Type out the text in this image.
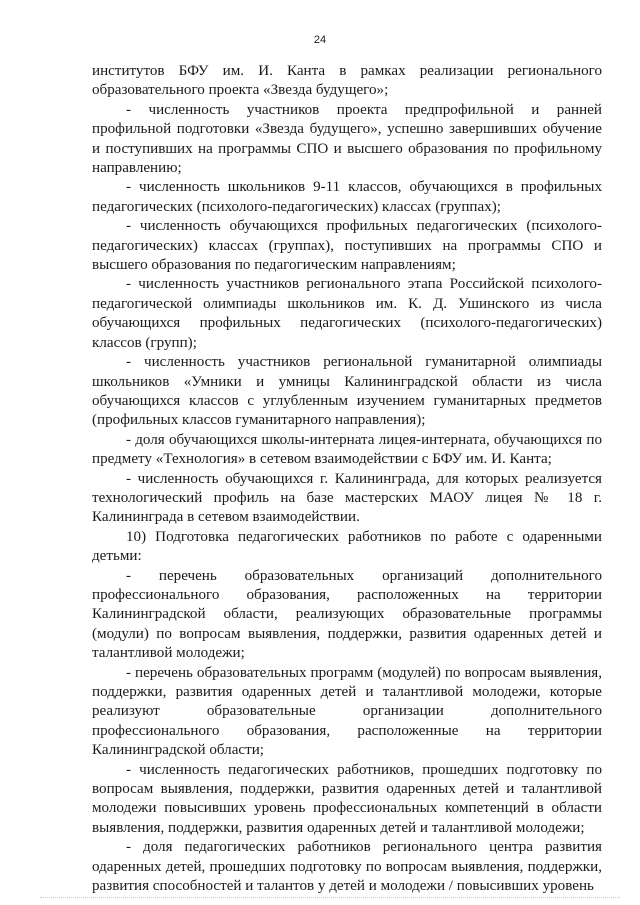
24

институтов БФУ им. И. Канта в рамках реализации регионального образовательного проекта «Звезда будущего»;

- численность участников проекта предпрофильной и ранней профильной подготовки «Звезда будущего», успешно завершивших обучение и поступивших на программы СПО и высшего образования по профильному направлению;

- численность школьников 9-11 классов, обучающихся в профильных педагогических (психолого-педагогических) классах (группах);

- численность обучающихся профильных педагогических (психолого-педагогических) классах (группах), поступивших на программы СПО и высшего образования по педагогическим направлениям;

- численность участников регионального этапа Российской психолого-педагогической олимпиады школьников им. К. Д. Ушинского из числа обучающихся профильных педагогических (психолого-педагогических) классов (групп);

- численность участников региональной гуманитарной олимпиады школьников «Умники и умницы Калининградской области из числа обучающихся классов с углубленным изучением гуманитарных предметов (профильных классов гуманитарного направления);

- доля обучающихся школы-интерната лицея-интерната, обучающихся по предмету «Технология» в сетевом взаимодействии с БФУ им. И. Канта;

- численность обучающихся г. Калининграда, для которых реализуется технологический профиль на базе мастерских МАОУ лицея № 18 г. Калининграда в сетевом взаимодействии.

10) Подготовка педагогических работников по работе с одаренными детьми:

- перечень образовательных организаций дополнительного профессионального образования, расположенных на территории Калининградской области, реализующих образовательные программы (модули) по вопросам выявления, поддержки, развития одаренных детей и талантливой молодежи;

- перечень образовательных программ (модулей) по вопросам выявления, поддержки, развития одаренных детей и талантливой молодежи, которые реализуют образовательные организации дополнительного профессионального образования, расположенные на территории Калининградской области;

- численность педагогических работников, прошедших подготовку по вопросам выявления, поддержки, развития одаренных детей и талантливой молодежи повысивших уровень профессиональных компетенций в области выявления, поддержки, развития одаренных детей и талантливой молодежи;

- доля педагогических работников регионального центра развития одаренных детей, прошедших подготовку по вопросам выявления, поддержки, развития способностей и талантов у детей и молодежи / повысивших уровень
